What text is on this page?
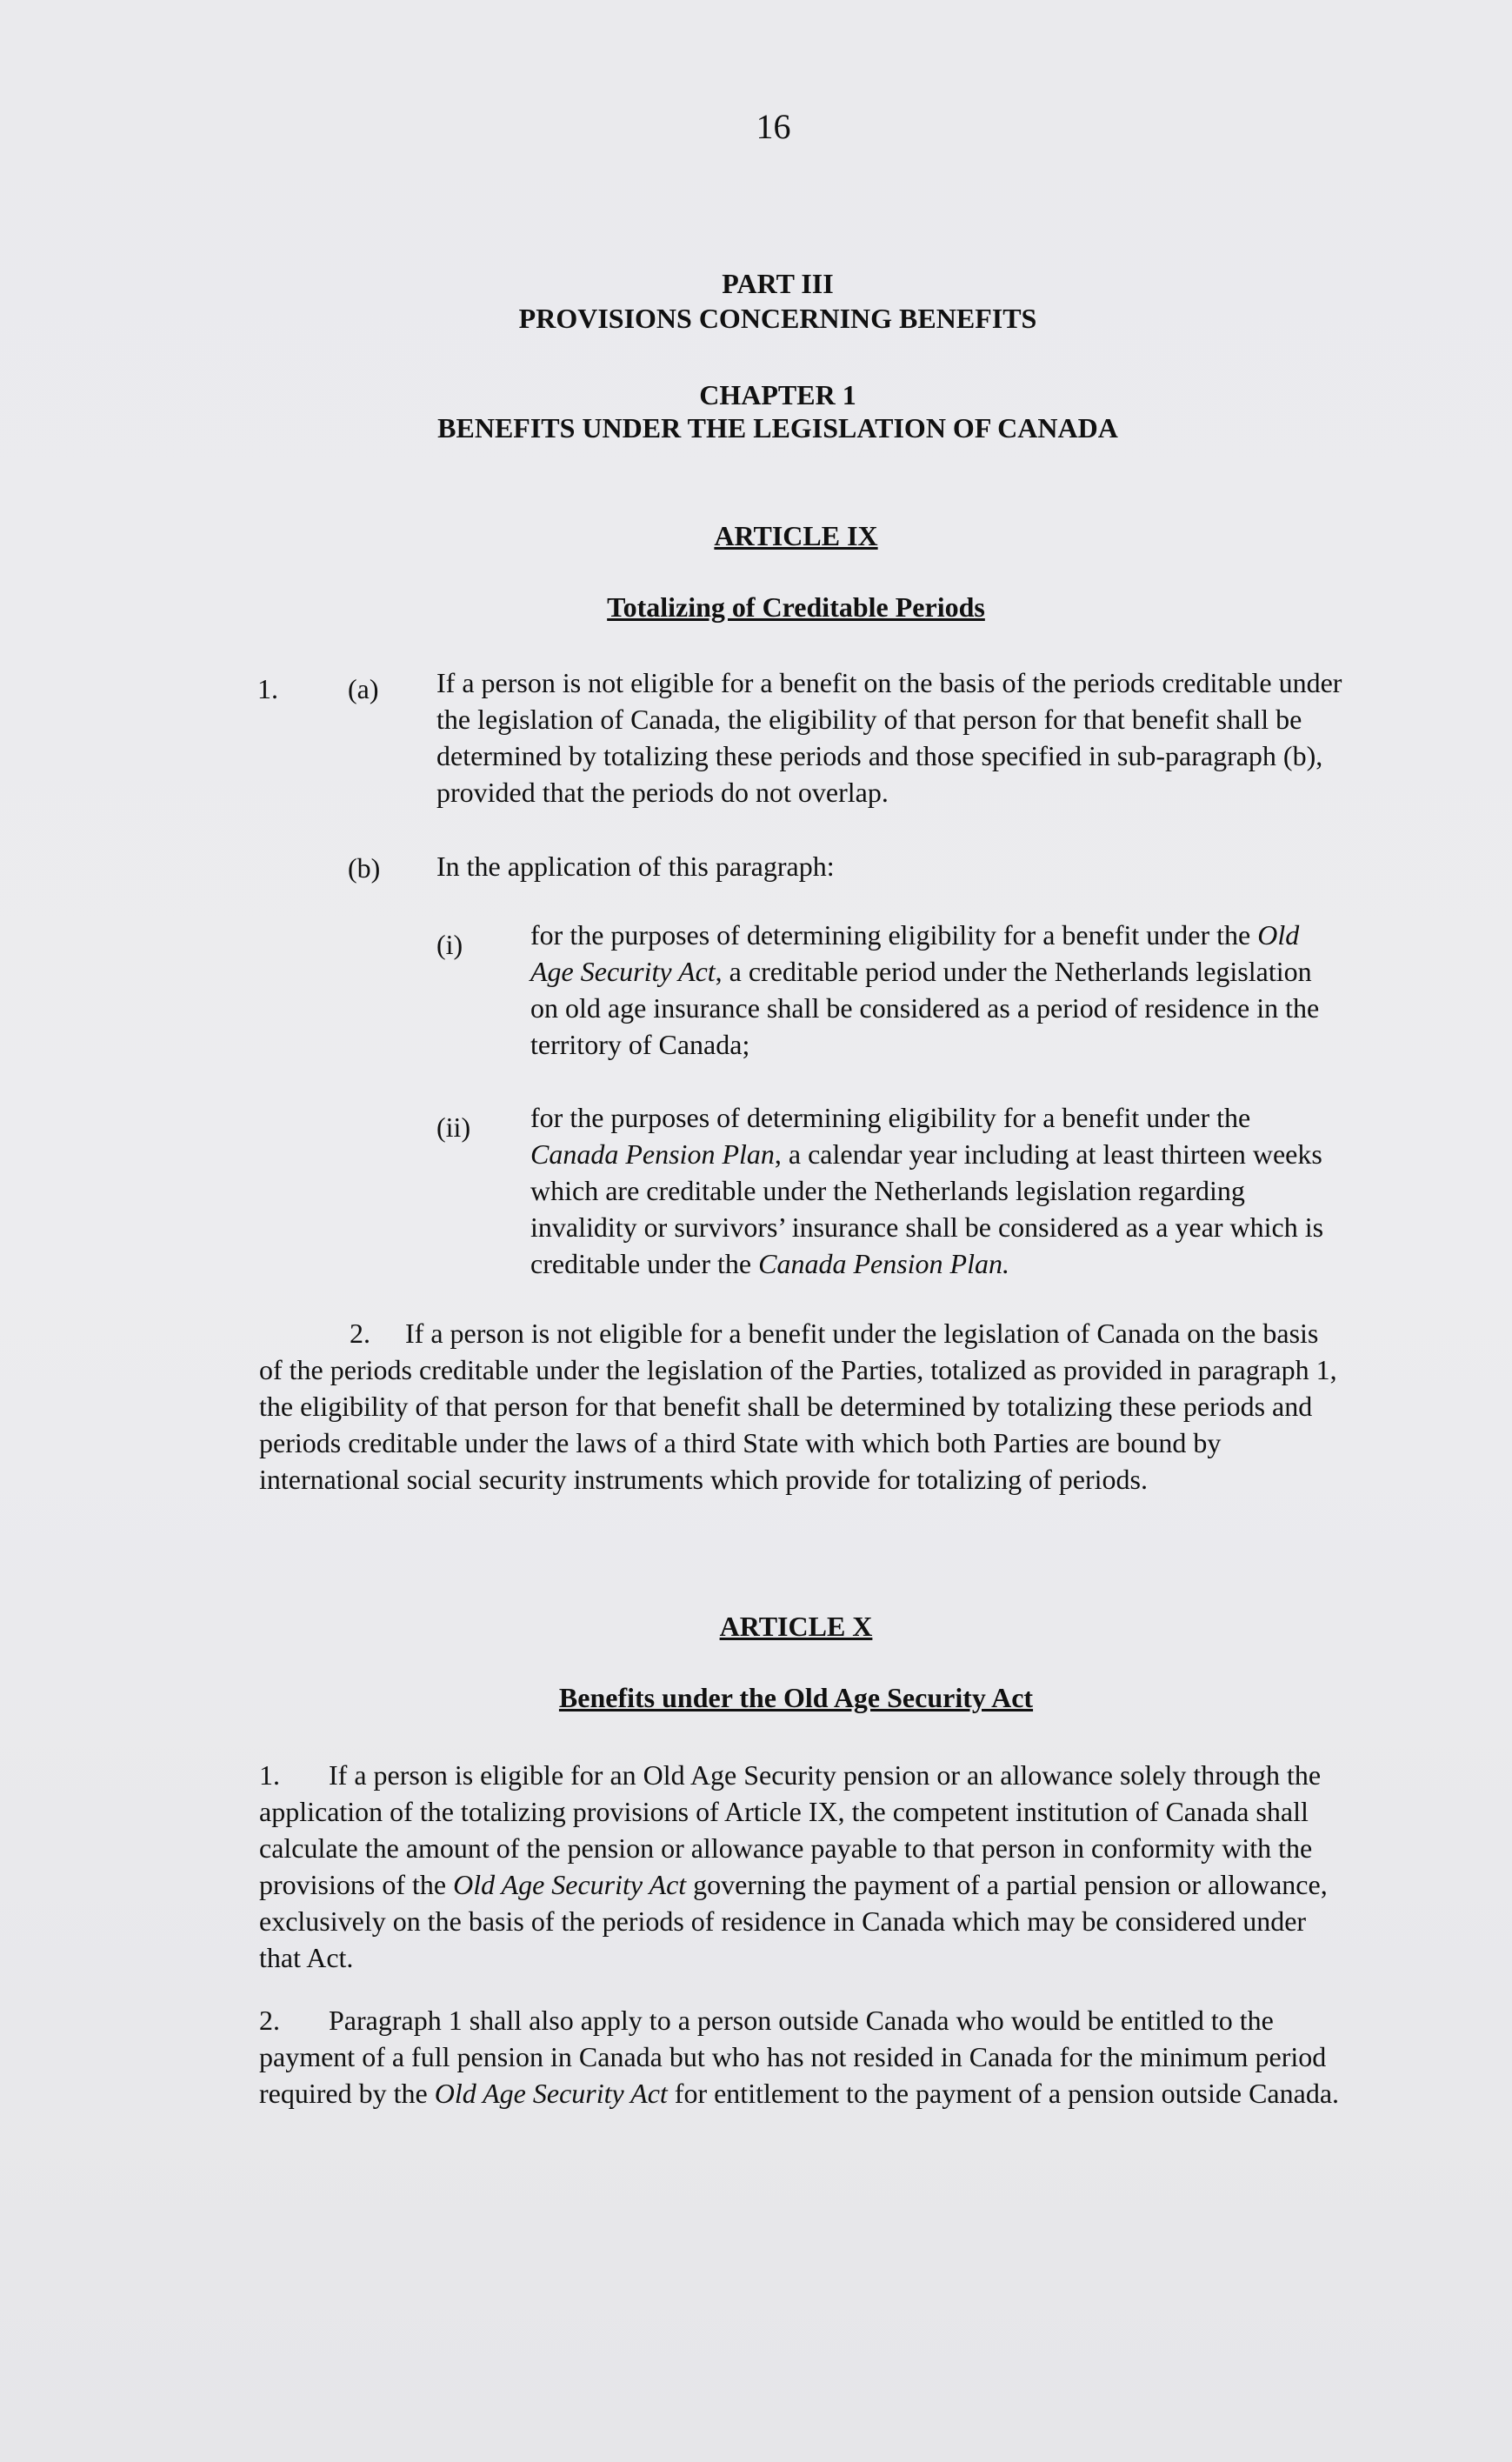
16
PART III
PROVISIONS CONCERNING BENEFITS
CHAPTER 1
BENEFITS UNDER THE LEGISLATION OF CANADA
ARTICLE IX
Totalizing of Creditable Periods
1.	(a) If a person is not eligible for a benefit on the basis of the periods creditable under the legislation of Canada, the eligibility of that person for that benefit shall be determined by totalizing these periods and those specified in sub-paragraph (b), provided that the periods do not overlap.
(b) In the application of this paragraph:
(i) for the purposes of determining eligibility for a benefit under the Old Age Security Act, a creditable period under the Netherlands legislation on old age insurance shall be considered as a period of residence in the territory of Canada;
(ii) for the purposes of determining eligibility for a benefit under the Canada Pension Plan, a calendar year including at least thirteen weeks which are creditable under the Netherlands legislation regarding invalidity or survivors’ insurance shall be considered as a year which is creditable under the Canada Pension Plan.
2. If a person is not eligible for a benefit under the legislation of Canada on the basis of the periods creditable under the legislation of the Parties, totalized as provided in paragraph 1, the eligibility of that person for that benefit shall be determined by totalizing these periods and periods creditable under the laws of a third State with which both Parties are bound by international social security instruments which provide for totalizing of periods.
ARTICLE X
Benefits under the Old Age Security Act
1. If a person is eligible for an Old Age Security pension or an allowance solely through the application of the totalizing provisions of Article IX, the competent institution of Canada shall calculate the amount of the pension or allowance payable to that person in conformity with the provisions of the Old Age Security Act governing the payment of a partial pension or allowance, exclusively on the basis of the periods of residence in Canada which may be considered under that Act.
2. Paragraph 1 shall also apply to a person outside Canada who would be entitled to the payment of a full pension in Canada but who has not resided in Canada for the minimum period required by the Old Age Security Act for entitlement to the payment of a pension outside Canada.
